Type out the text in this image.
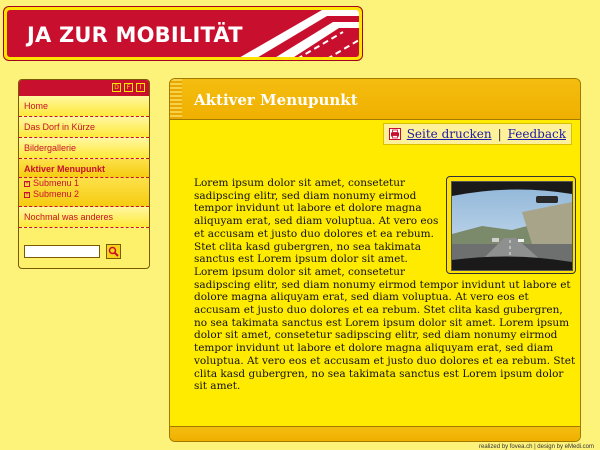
JA ZUR MOBILITÄT
D	F	I
Home
Das Dorf in Kürze
Bildergallerie
Aktiver Menupunkt
+ Submenu 1
+ Submenu 2
Nochmal was anderes
Aktiver Menupunkt
Seite drucken | Feedback
Lorem ipsum dolor sit amet, consetetur sadipscing elitr, sed diam nonumy eirmod tempor invidunt ut labore et dolore magna aliquyam erat, sed diam voluptua. At vero eos et accusam et justo duo dolores et ea rebum. Stet clita kasd gubergren, no sea takimata sanctus est Lorem ipsum dolor sit amet. Lorem ipsum dolor sit amet, consetetur sadipscing elitr, sed diam nonumy eirmod tempor invidunt ut labore et dolore magna aliquyam erat, sed diam voluptua. At vero eos et accusam et justo duo dolores et ea rebum. Stet clita kasd gubergren, no sea takimata sanctus est Lorem ipsum dolor sit amet. Lorem ipsum dolor sit amet, consetetur sadipscing elitr, sed diam nonumy eirmod tempor invidunt ut labore et dolore magna aliquyam erat, sed diam voluptua. At vero eos et accusam et justo duo dolores et ea rebum. Stet clita kasd gubergren, no sea takimata sanctus est Lorem ipsum dolor sit amet.
realized by fovea.ch | design by eMedi.com
